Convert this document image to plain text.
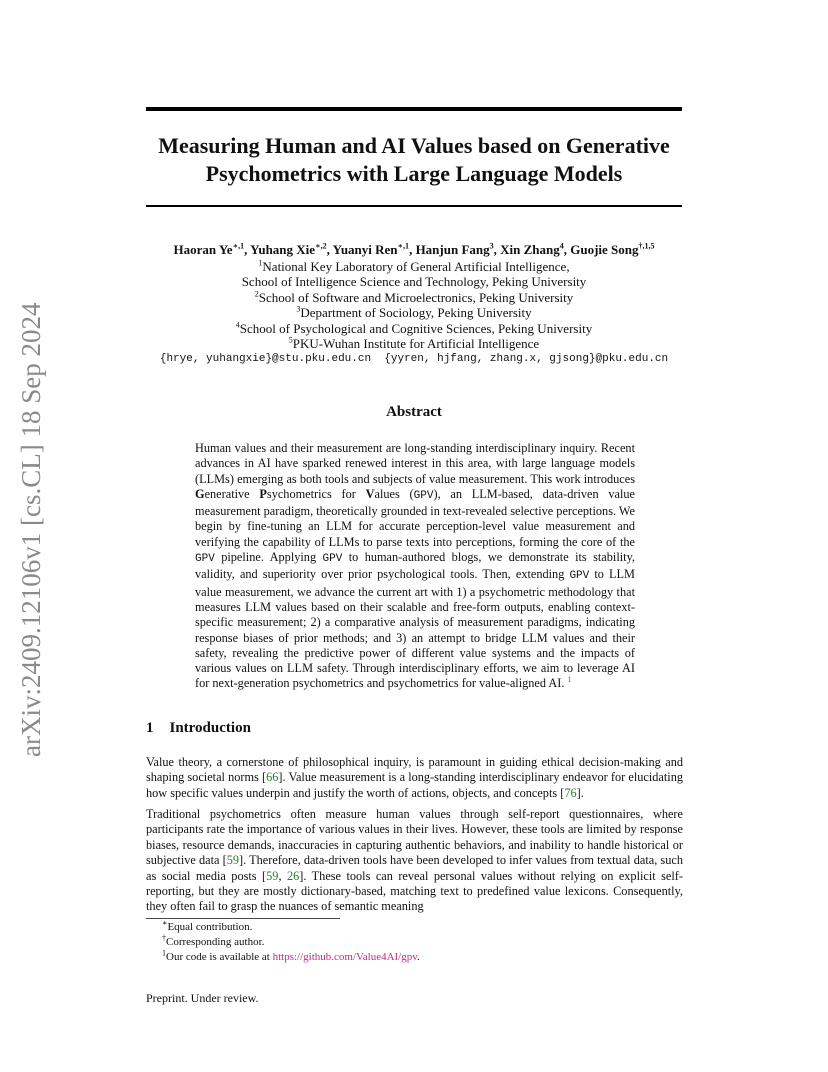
arXiv:2409.12106v1 [cs.CL] 18 Sep 2024
Measuring Human and AI Values based on Generative Psychometrics with Large Language Models
Haoran $Ye^{∗,1}$, Yuhang Xie$^{∗,2}$, Yuanyi Ren$^{∗,1}$, Hanjun Fang$^3$, Xin Zhang$^4$, Guojie Song$^{\dagger,1,5}$
$^1$National Key Laboratory of General Artificial Intelligence,
School of Intelligence Science and Technology, Peking University
$^2$School of Software and Microelectronics, Peking University
$^3$Department of Sociology, Peking University
$^4$School of Psychological and Cognitive Sciences, Peking University
$^5$PKU-Wuhan Institute for Artificial Intelligence
{hrye, yuhangxie}@stu.pku.edu.cn  {yyren, hjfang, zhang.x, gjsong}@pku.edu.cn
Abstract
Human values and their measurement are long-standing interdisciplinary inquiry. Recent advances in AI have sparked renewed interest in this area, with large language models (LLMs) emerging as both tools and subjects of value measurement. This work introduces Generative Psychometrics for Values (GPV), an LLM-based, data-driven value measurement paradigm, theoretically grounded in text-revealed selective perceptions. We begin by fine-tuning an LLM for accurate perception-level value measurement and verifying the capability of LLMs to parse texts into perceptions, forming the core of the GPV pipeline. Applying GPV to human-authored blogs, we demonstrate its stability, validity, and superiority over prior psychological tools. Then, extending GPV to LLM value measurement, we advance the current art with 1) a psychometric methodology that measures LLM values based on their scalable and free-form outputs, enabling context-specific measurement; 2) a comparative analysis of measurement paradigms, indicating response biases of prior methods; and 3) an attempt to bridge LLM values and their safety, revealing the predictive power of different value systems and the impacts of various values on LLM safety. Through interdisciplinary efforts, we aim to leverage AI for next-generation psychometrics and psychometrics for value-aligned AI. $^1$
1 Introduction
Value theory, a cornerstone of philosophical inquiry, is paramount in guiding ethical decision-making and shaping societal norms [66]. Value measurement is a long-standing interdisciplinary endeavor for elucidating how specific values underpin and justify the worth of actions, objects, and concepts [76].
Traditional psychometrics often measure human values through self-report questionnaires, where participants rate the importance of various values in their lives. However, these tools are limited by response biases, resource demands, inaccuracies in capturing authentic behaviors, and inability to handle historical or subjective data [59]. Therefore, data-driven tools have been developed to infer values from textual data, such as social media posts [59, 26]. These tools can reveal personal values without relying on explicit self-reporting, but they are mostly dictionary-based, matching text to predefined value lexicons. Consequently, they often fail to grasp the nuances of semantic meaning
∗Equal contribution.
†Corresponding author.
$^1$Our code is available at https://github.com/Value4AI/gpv.
Preprint. Under review.
